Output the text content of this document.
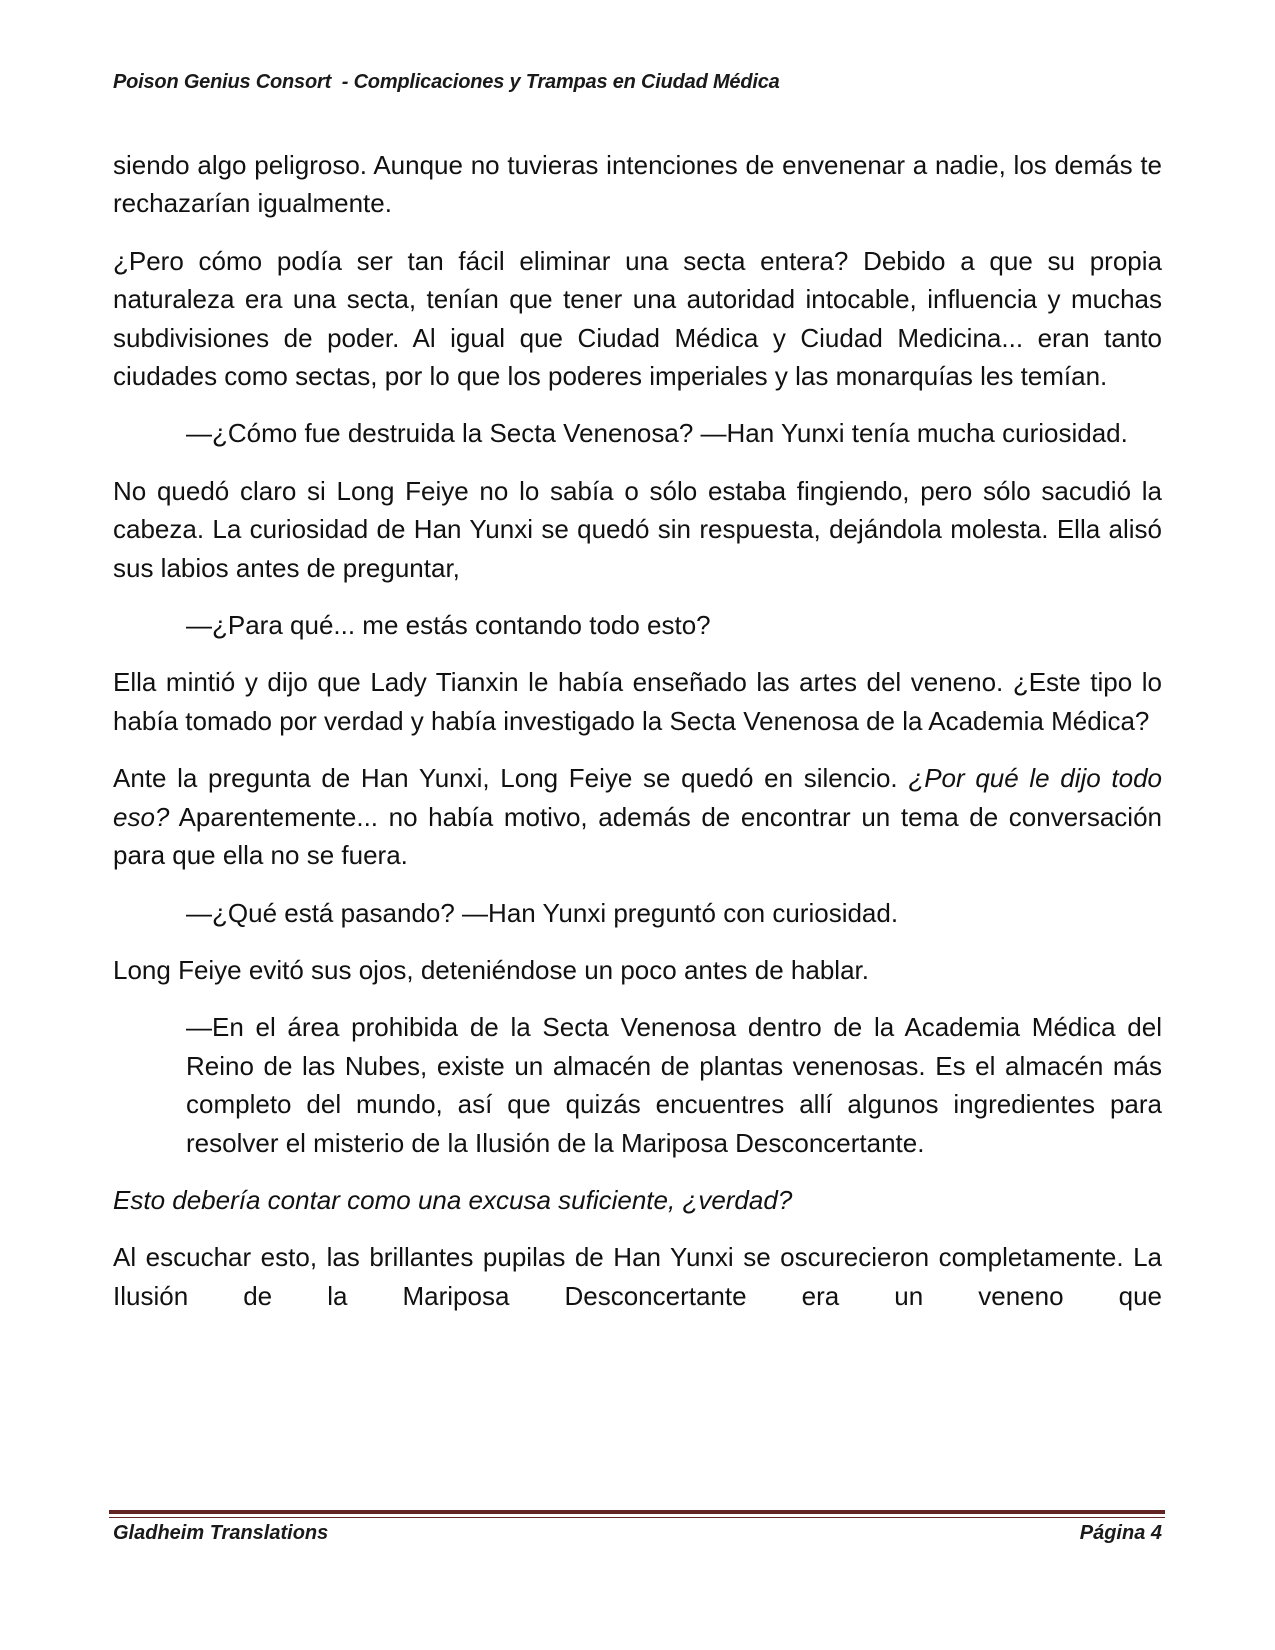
Poison Genius Consort  - Complicaciones y Trampas en Ciudad Médica

siendo algo peligroso. Aunque no tuvieras intenciones de envenenar a nadie, los demás te rechazarían igualmente.

¿Pero cómo podía ser tan fácil eliminar una secta entera? Debido a que su propia naturaleza era una secta, tenían que tener una autoridad intocable, influencia y muchas subdivisiones de poder. Al igual que Ciudad Médica y Ciudad Medicina... eran tanto ciudades como sectas, por lo que los poderes imperiales y las monarquías les temían.

—¿Cómo fue destruida la Secta Venenosa? —Han Yunxi tenía mucha curiosidad.

No quedó claro si Long Feiye no lo sabía o sólo estaba fingiendo, pero sólo sacudió la cabeza. La curiosidad de Han Yunxi se quedó sin respuesta, dejándola molesta. Ella alisó sus labios antes de preguntar,

—¿Para qué... me estás contando todo esto?

Ella mintió y dijo que Lady Tianxin le había enseñado las artes del veneno. ¿Este tipo lo había tomado por verdad y había investigado la Secta Venenosa de la Academia Médica?

Ante la pregunta de Han Yunxi, Long Feiye se quedó en silencio. ¿Por qué le dijo todo eso? Aparentemente... no había motivo, además de encontrar un tema de conversación para que ella no se fuera.

—¿Qué está pasando? —Han Yunxi preguntó con curiosidad.

Long Feiye evitó sus ojos, deteniéndose un poco antes de hablar.

—En el área prohibida de la Secta Venenosa dentro de la Academia Médica del Reino de las Nubes, existe un almacén de plantas venenosas. Es el almacén más completo del mundo, así que quizás encuentres allí algunos ingredientes para resolver el misterio de la Ilusión de la Mariposa Desconcertante.

Esto debería contar como una excusa suficiente, ¿verdad?

Al escuchar esto, las brillantes pupilas de Han Yunxi se oscurecieron completamente. La Ilusión de la Mariposa Desconcertante era un veneno que

Gladheim Translations	Página 4
